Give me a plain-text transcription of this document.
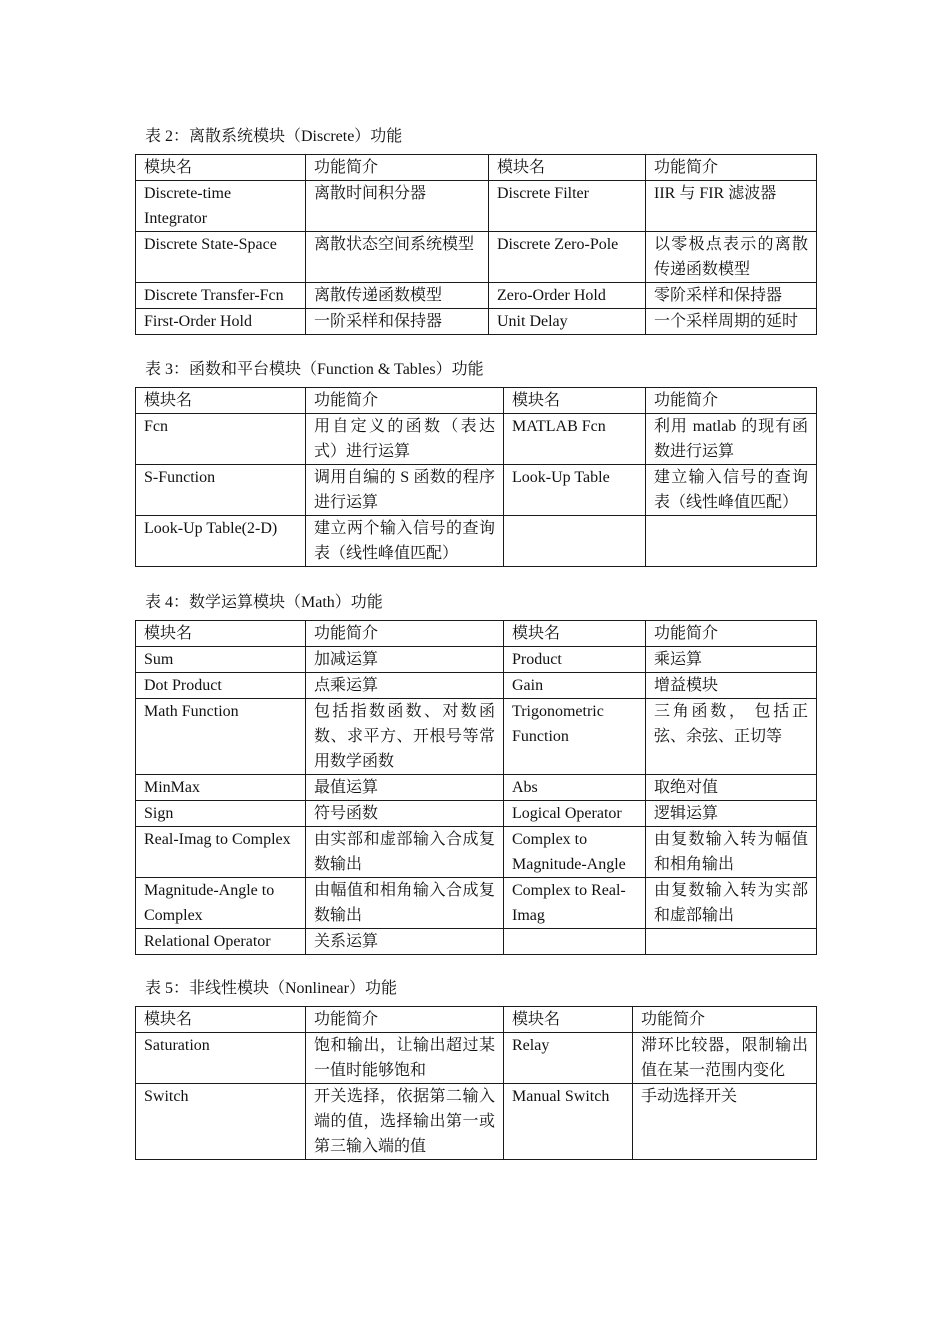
表 2：离散系统模块（Discrete）功能

模块名	功能简介	模块名	功能简介
Discrete-time Integrator	离散时间积分器	Discrete Filter	IIR 与 FIR 滤波器
Discrete State-Space	离散状态空间系统模型	Discrete Zero-Pole	以零极点表示的离散传递函数模型
Discrete Transfer-Fcn	离散传递函数模型	Zero-Order Hold	零阶采样和保持器
First-Order Hold	一阶采样和保持器	Unit Delay	一个采样周期的延时

表 3：函数和平台模块（Function & Tables）功能

模块名	功能简介	模块名	功能简介
Fcn	用自定义的函数（表达式）进行运算	MATLAB Fcn	利用 matlab 的现有函数进行运算
S-Function	调用自编的 S 函数的程序进行运算	Look-Up Table	建立输入信号的查询表（线性峰值匹配）
Look-Up Table(2-D)	建立两个输入信号的查询表（线性峰值匹配）		

表 4：数学运算模块（Math）功能

模块名	功能简介	模块名	功能简介
Sum	加减运算	Product	乘运算
Dot Product	点乘运算	Gain	增益模块
Math Function	包括指数函数、对数函数、求平方、开根号等常用数学函数	Trigonometric Function	三角函数， 包括正弦、余弦、正切等
MinMax	最值运算	Abs	取绝对值
Sign	符号函数	Logical Operator	逻辑运算
Real-Imag to Complex	由实部和虚部输入合成复数输出	Complex to Magnitude-Angle	由复数输入转为幅值和相角输出
Magnitude-Angle to Complex	由幅值和相角输入合成复数输出	Complex to Real-Imag	由复数输入转为实部和虚部输出
Relational Operator	关系运算		

表 5：非线性模块（Nonlinear）功能

模块名	功能简介	模块名	功能简介
Saturation	饱和输出，让输出超过某一值时能够饱和	Relay	滞环比较器，限制输出值在某一范围内变化
Switch	开关选择，依据第二输入端的值，选择输出第一或第三输入端的值	Manual Switch	手动选择开关
